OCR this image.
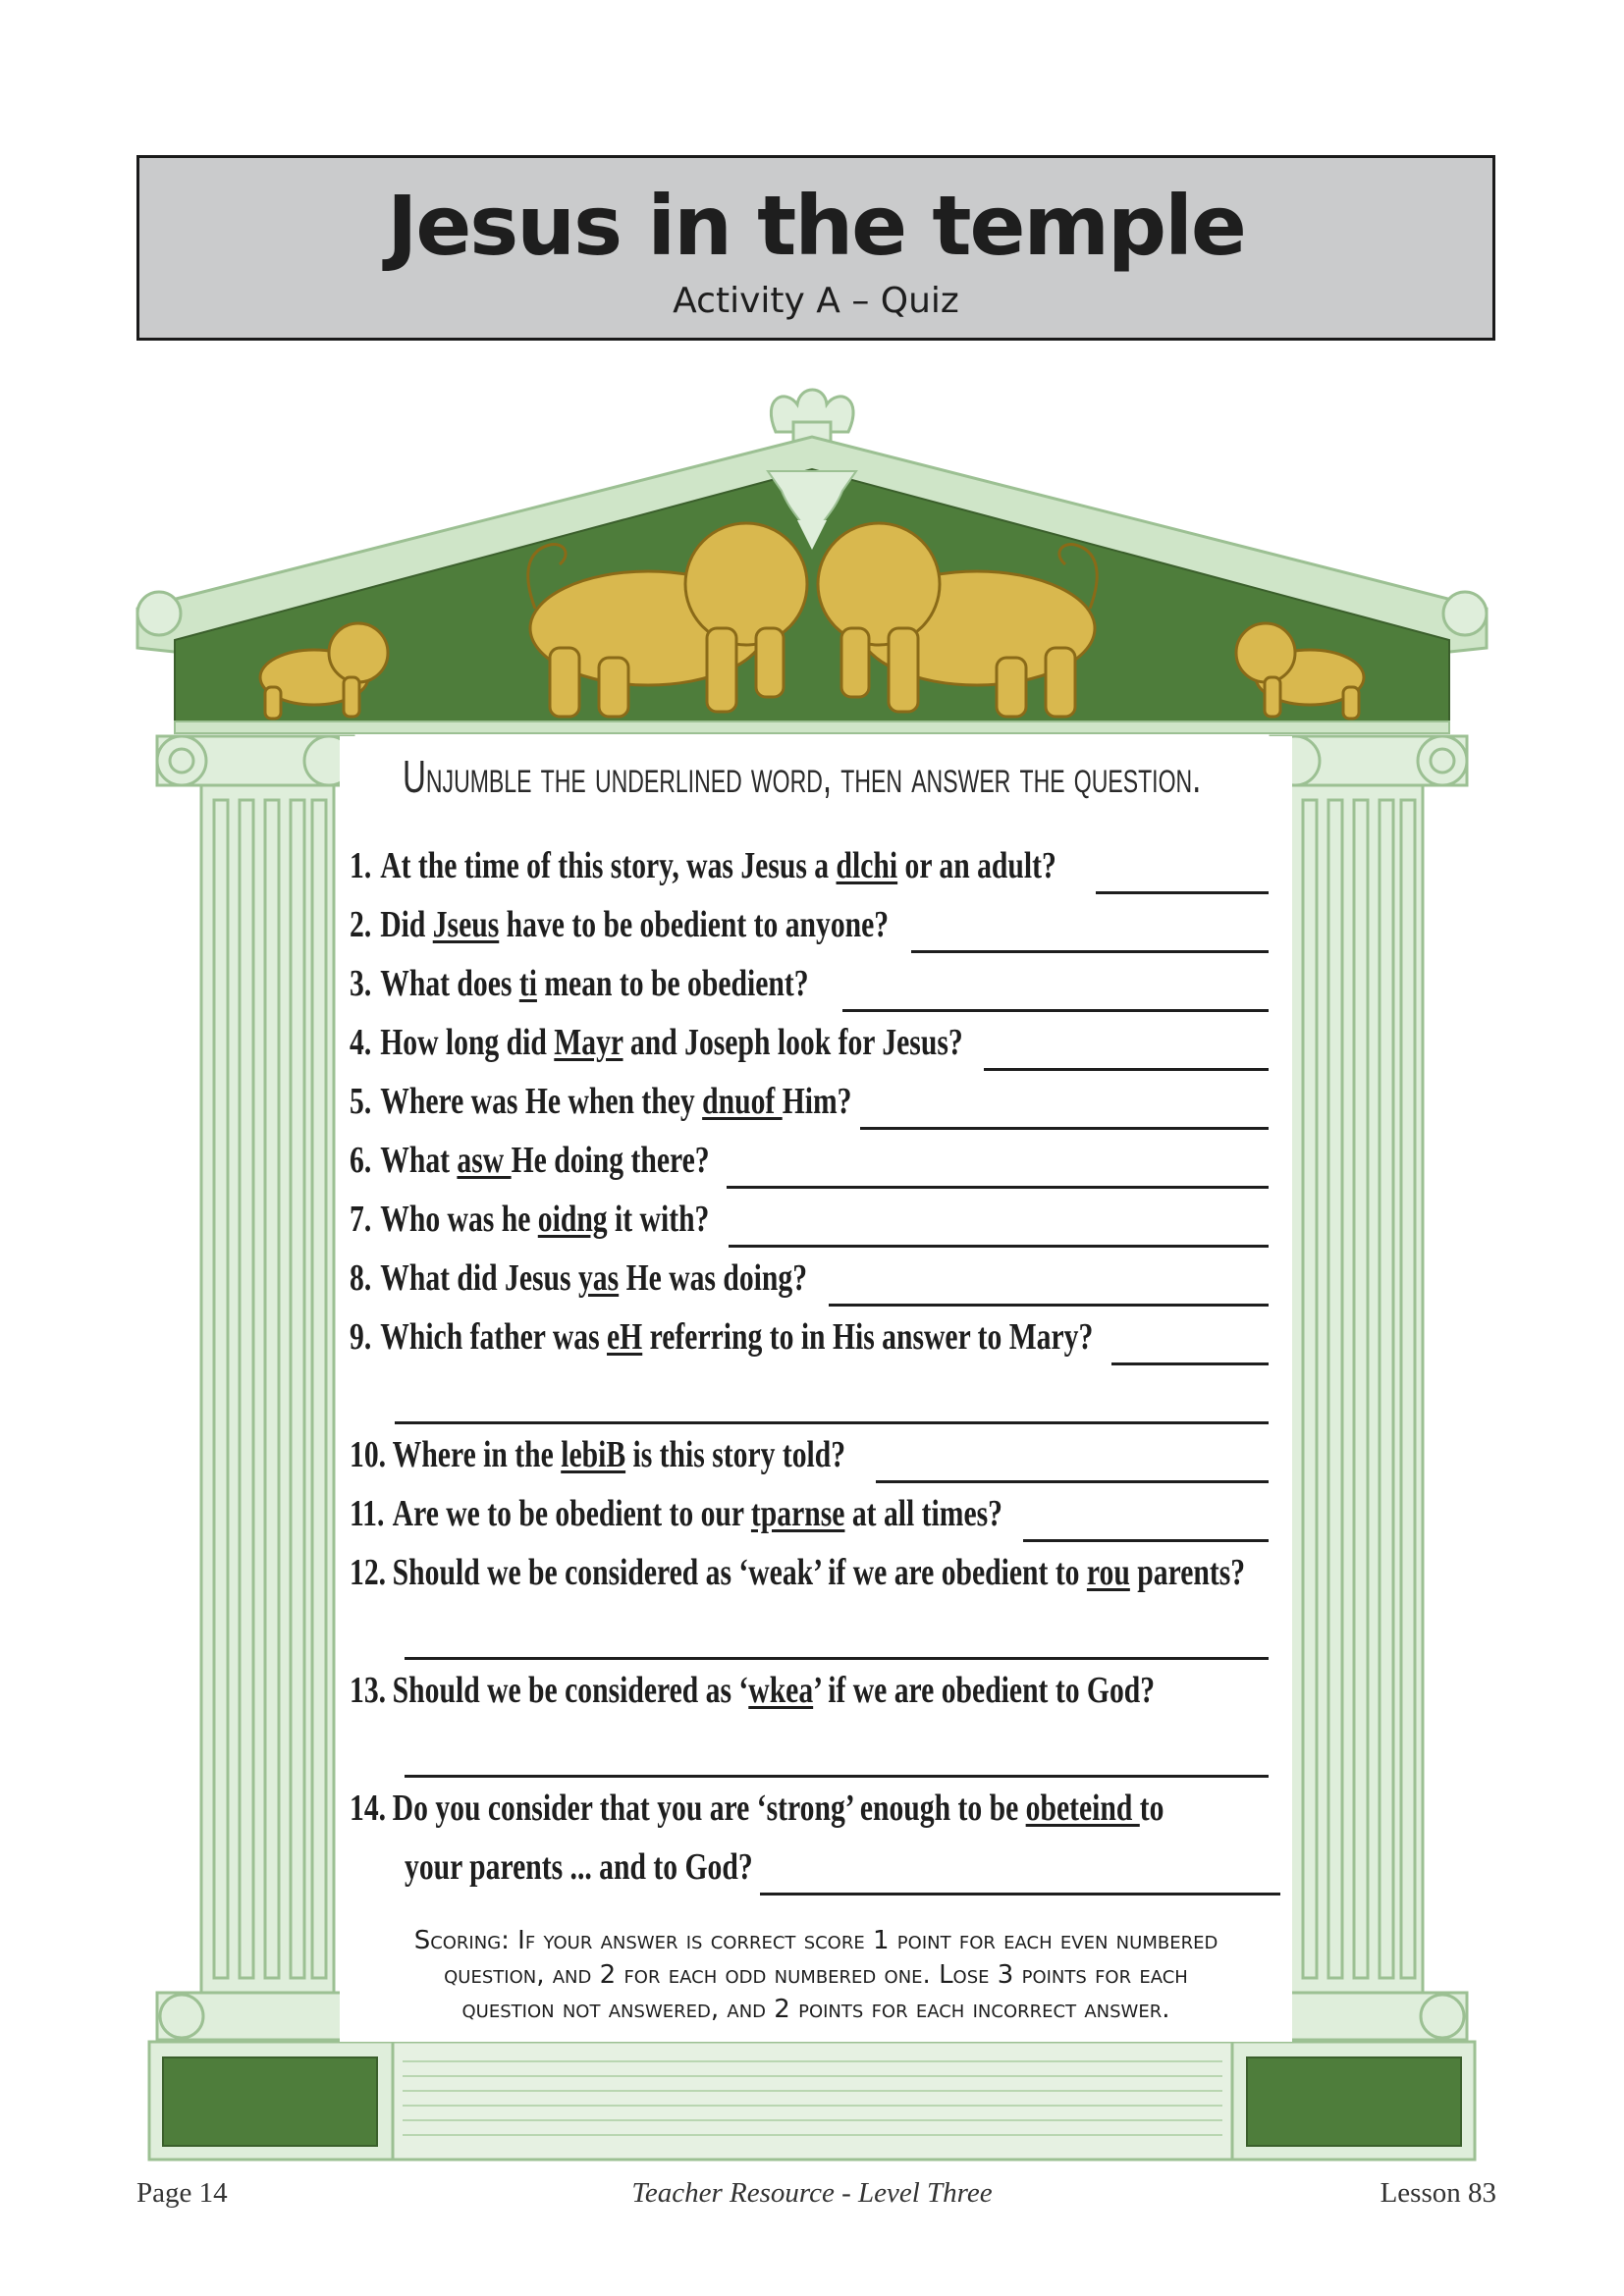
Jesus in the temple
Activity A – Quiz
Unjumble the underlined word, then answer the question.
1. At the time of this story, was Jesus a dlchi or an adult?
2. Did Jseus have to be obedient to anyone?
3. What does ti mean to be obedient?
4. How long did Mayr and Joseph look for Jesus?
5. Where was He when they dnuof Him?
6. What asw He doing there?
7. Who was he oidng it with?
8. What did Jesus yas He was doing?
9. Which father was eH referring to in His answer to Mary?
10. Where in the lebiB is this story told?
11. Are we to be obedient to our tparnse at all times?
12. Should we be considered as ‘weak’ if we are obedient to rou parents?
13. Should we be considered as ‘wkea’ if we are obedient to God?
14. Do you consider that you are ‘strong’ enough to be obeteind to
your parents ... and to God?
Scoring: If your answer is correct score 1 point for each even numbered
question, and 2 for each odd numbered one. Lose 3 points for each
question not answered, and 2 points for each incorrect answer.
Page 14	Teacher Resource - Level Three	Lesson 83
